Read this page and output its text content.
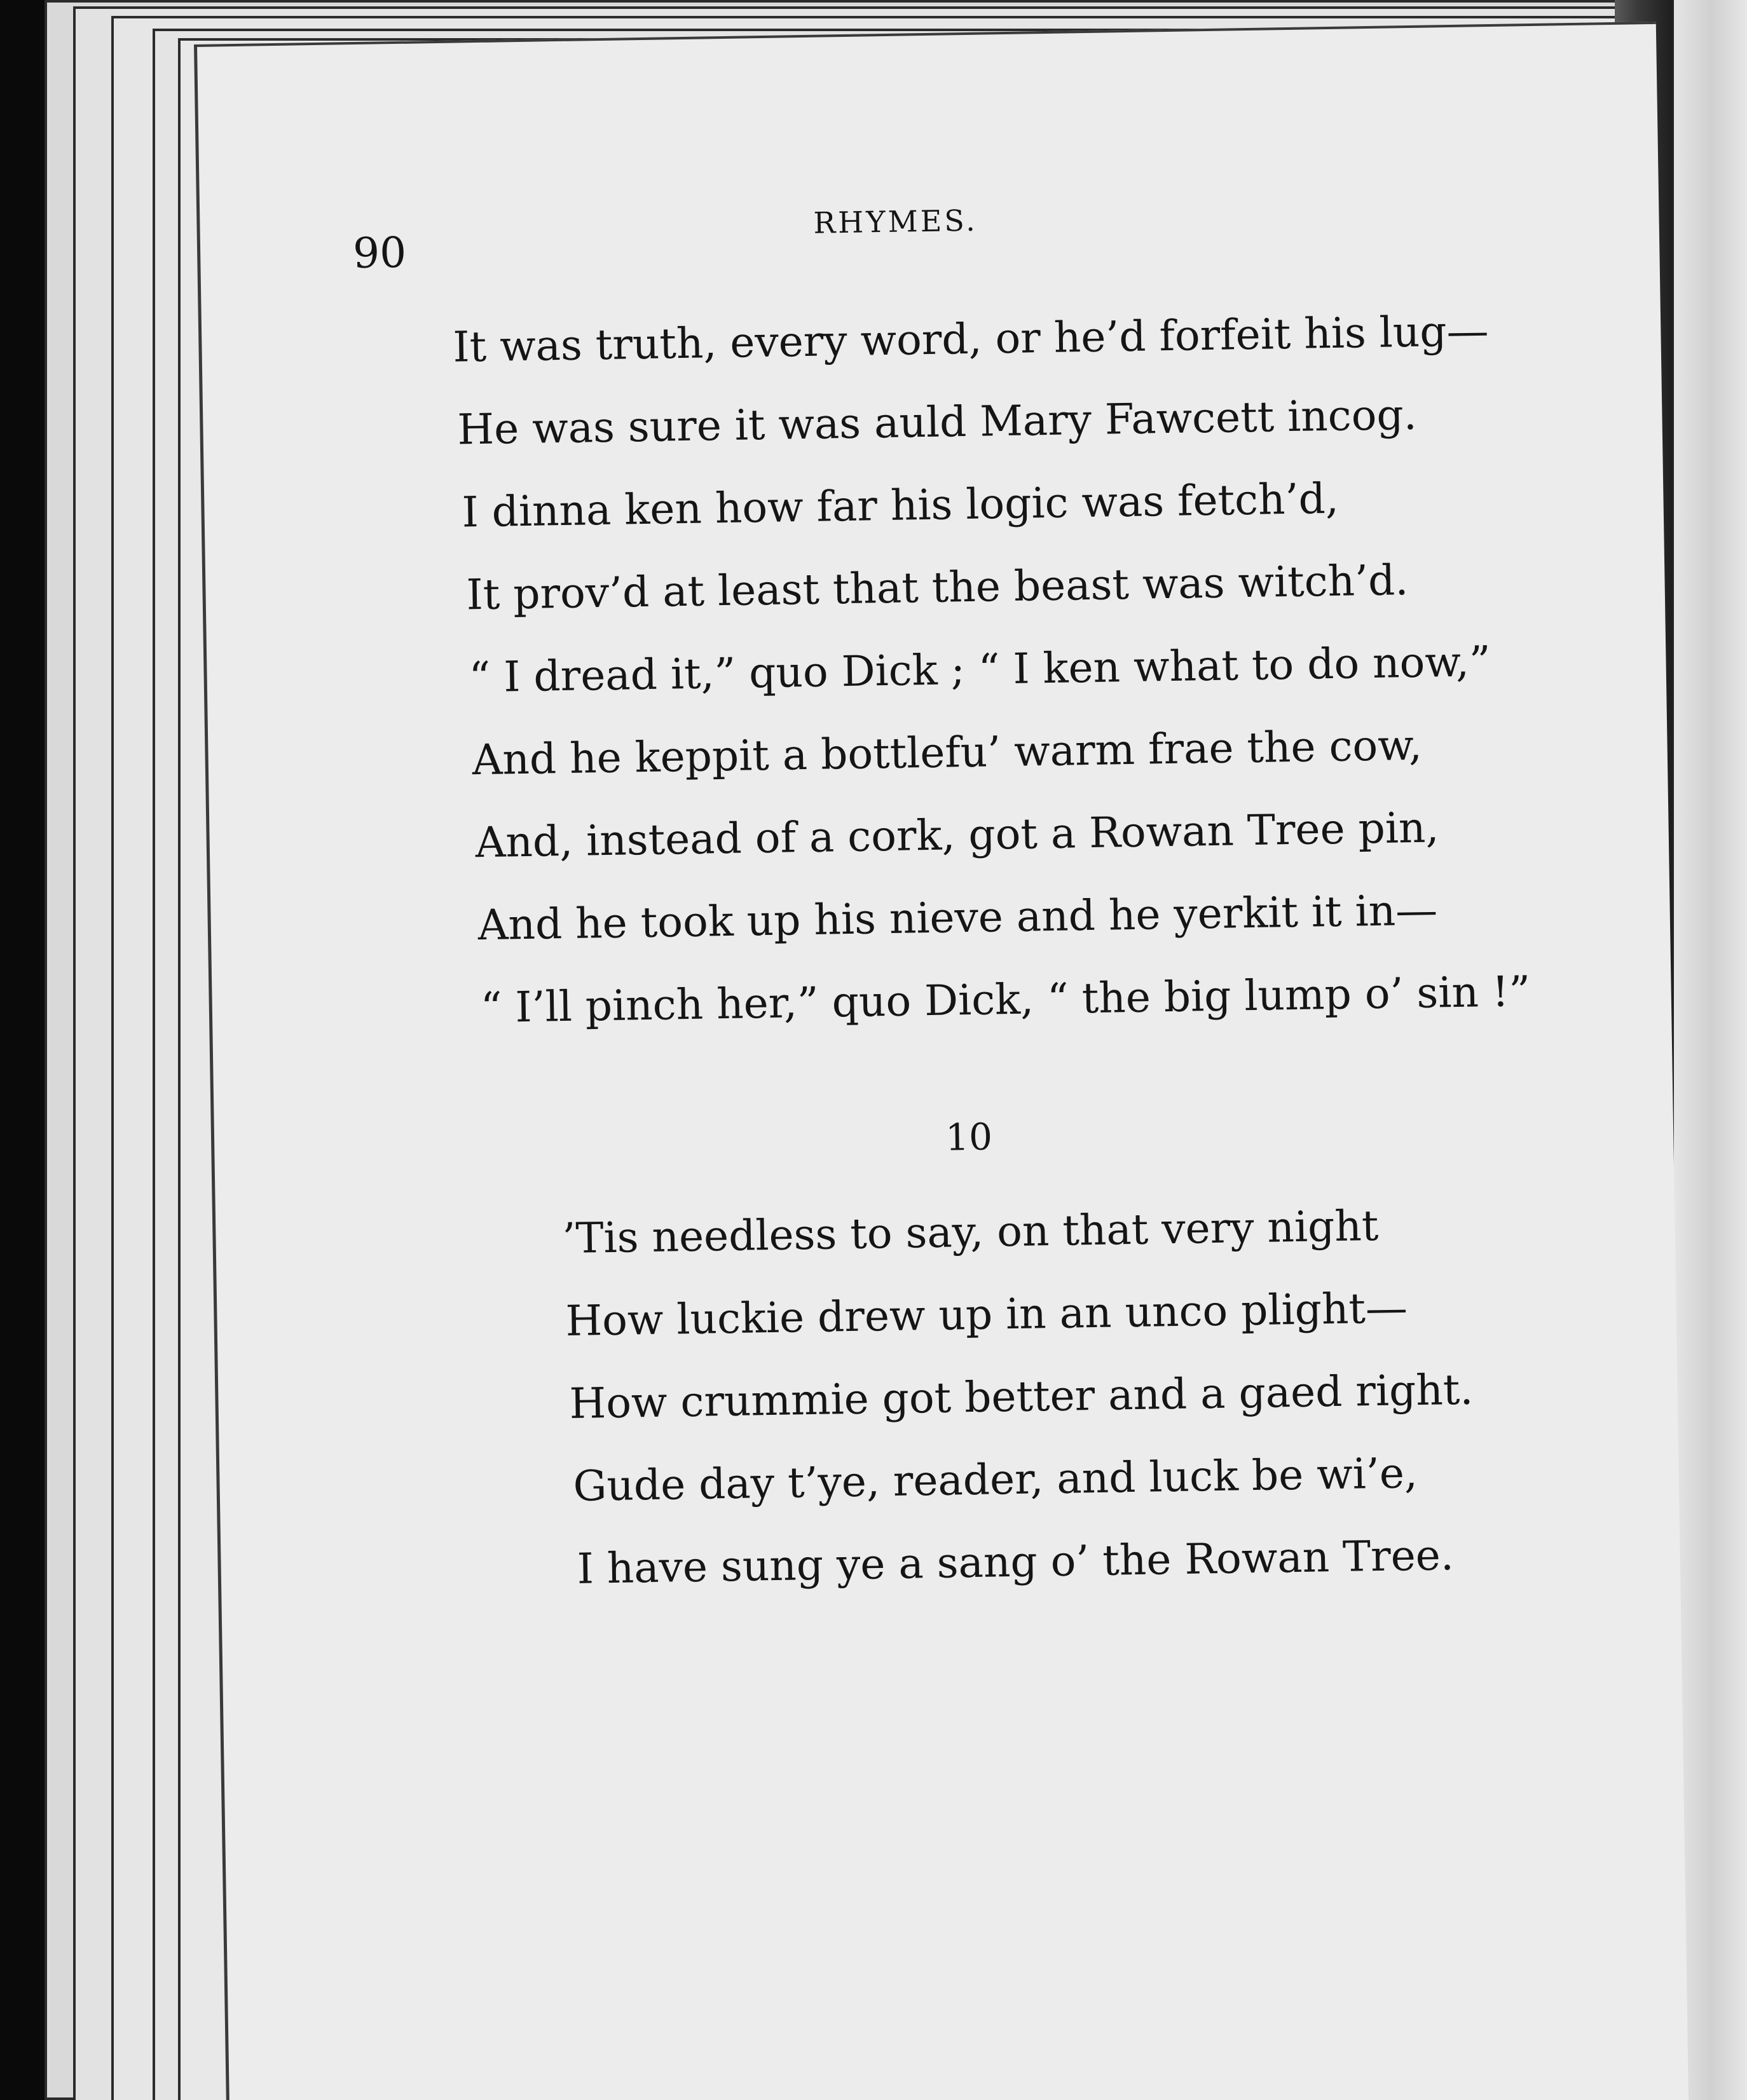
90
RHYMES.
It was truth, every word, or he’d forfeit his lug—
He was sure it was auld Mary Fawcett incog.
I dinna ken how far his logic was fetch’d,
It prov’d at least that the beast was witch’d.
“ I dread it,” quo Dick ; “ I ken what to do now,”
And he keppit a bottlefu’ warm frae the cow,
And, instead of a cork, got a Rowan Tree pin,
And he took up his nieve and he yerkit it in—
“ I’ll pinch her,” quo Dick, “ the big lump o’ sin !”
10
’Tis needless to say, on that very night
How luckie drew up in an unco plight—
How crummie got better and a gaed right.
Gude day t’ye, reader, and luck be wi’e,
I have sung ye a sang o’ the Rowan Tree.
